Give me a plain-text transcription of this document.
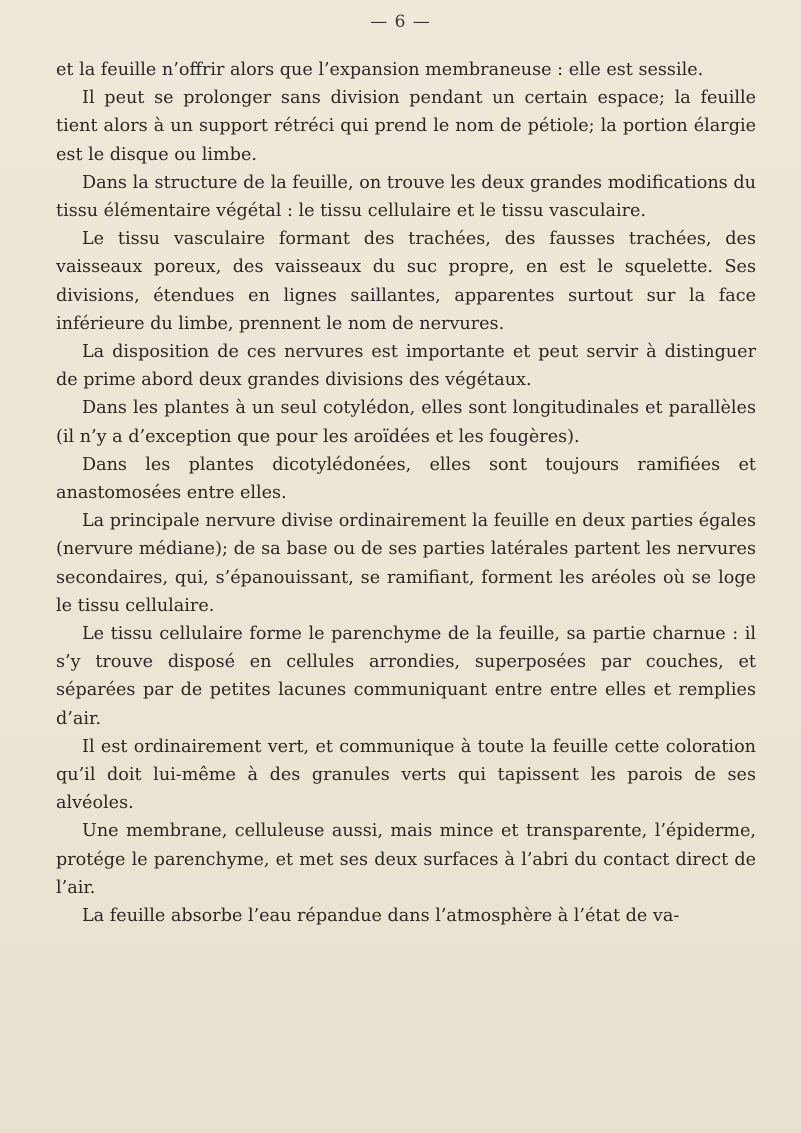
— 6 —

et la feuille n’offrir alors que l’expansion membraneuse : elle est sessile.

Il peut se prolonger sans division pendant un certain espace; la feuille tient alors à un support rétréci qui prend le nom de pétiole; la portion élargie est le disque ou limbe.

Dans la structure de la feuille, on trouve les deux grandes modifications du tissu élémentaire végétal : le tissu cellulaire et le tissu vasculaire.

Le tissu vasculaire formant des trachées, des fausses trachées, des vaisseaux poreux, des vaisseaux du suc propre, en est le squelette. Ses divisions, étendues en lignes saillantes, apparentes surtout sur la face inférieure du limbe, prennent le nom de nervures.

La disposition de ces nervures est importante et peut servir à distinguer de prime abord deux grandes divisions des végétaux.

Dans les plantes à un seul cotylédon, elles sont longitudinales et parallèles (il n’y a d’exception que pour les aroïdées et les fougères).

Dans les plantes dicotylédonées, elles sont toujours ramifiées et anastomosées entre elles.

La principale nervure divise ordinairement la feuille en deux parties égales (nervure médiane); de sa base ou de ses parties latérales partent les nervures secondaires, qui, s’épanouissant, se ramifiant, forment les aréoles où se loge le tissu cellulaire.

Le tissu cellulaire forme le parenchyme de la feuille, sa partie charnue : il s’y trouve disposé en cellules arrondies, superposées par couches, et séparées par de petites lacunes communiquant entre entre elles et remplies d’air.

Il est ordinairement vert, et communique à toute la feuille cette coloration qu’il doit lui-même à des granules verts qui tapissent les parois de ses alvéoles.

Une membrane, celluleuse aussi, mais mince et transparente, l’épiderme, protége le parenchyme, et met ses deux surfaces à l’abri du contact direct de l’air.

La feuille absorbe l’eau répandue dans l’atmosphère à l’état de va-
